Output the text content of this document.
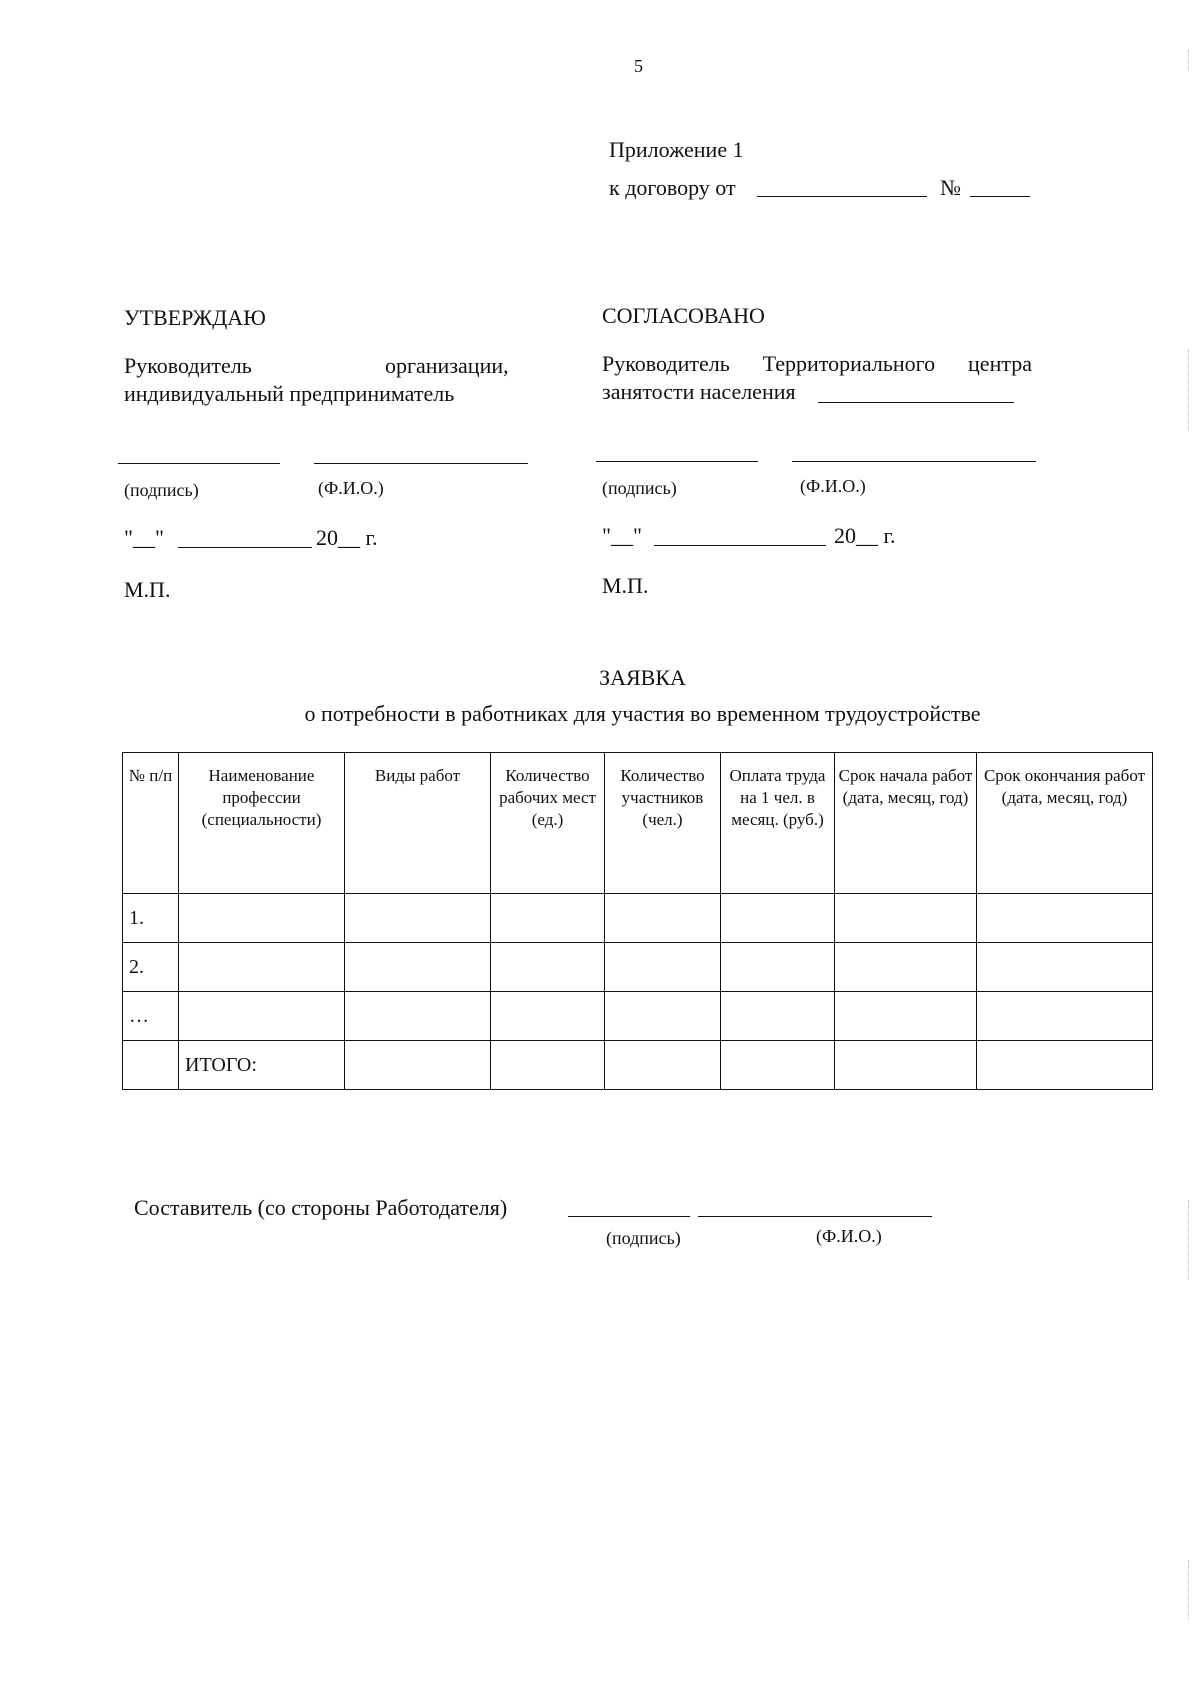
5
Приложение 1
к договору от	№
УТВЕРЖДАЮ
Руководитель	организации,
индивидуальный предприниматель
(подпись)	(Ф.И.О.)
"__"	20__ г.
М.П.
СОГЛАСОВАНО
Руководитель Территориального центра
занятости населения
(подпись)	(Ф.И.О.)
"__"	20__ г.
М.П.
ЗАЯВКА
о потребности в работниках для участия во временном трудоустройстве
№ п/п	Наименование профессии (специальности)	Виды работ	Количество рабочих мест (ед.)	Количество участников (чел.)	Оплата труда на 1 чел. в месяц. (руб.)	Срок начала работ (дата, месяц, год)	Срок окончания работ (дата, месяц, год)
1.							
2.							
…							
	ИТОГО:						
Составитель (со стороны Работодателя)
(подпись)	(Ф.И.О.)
